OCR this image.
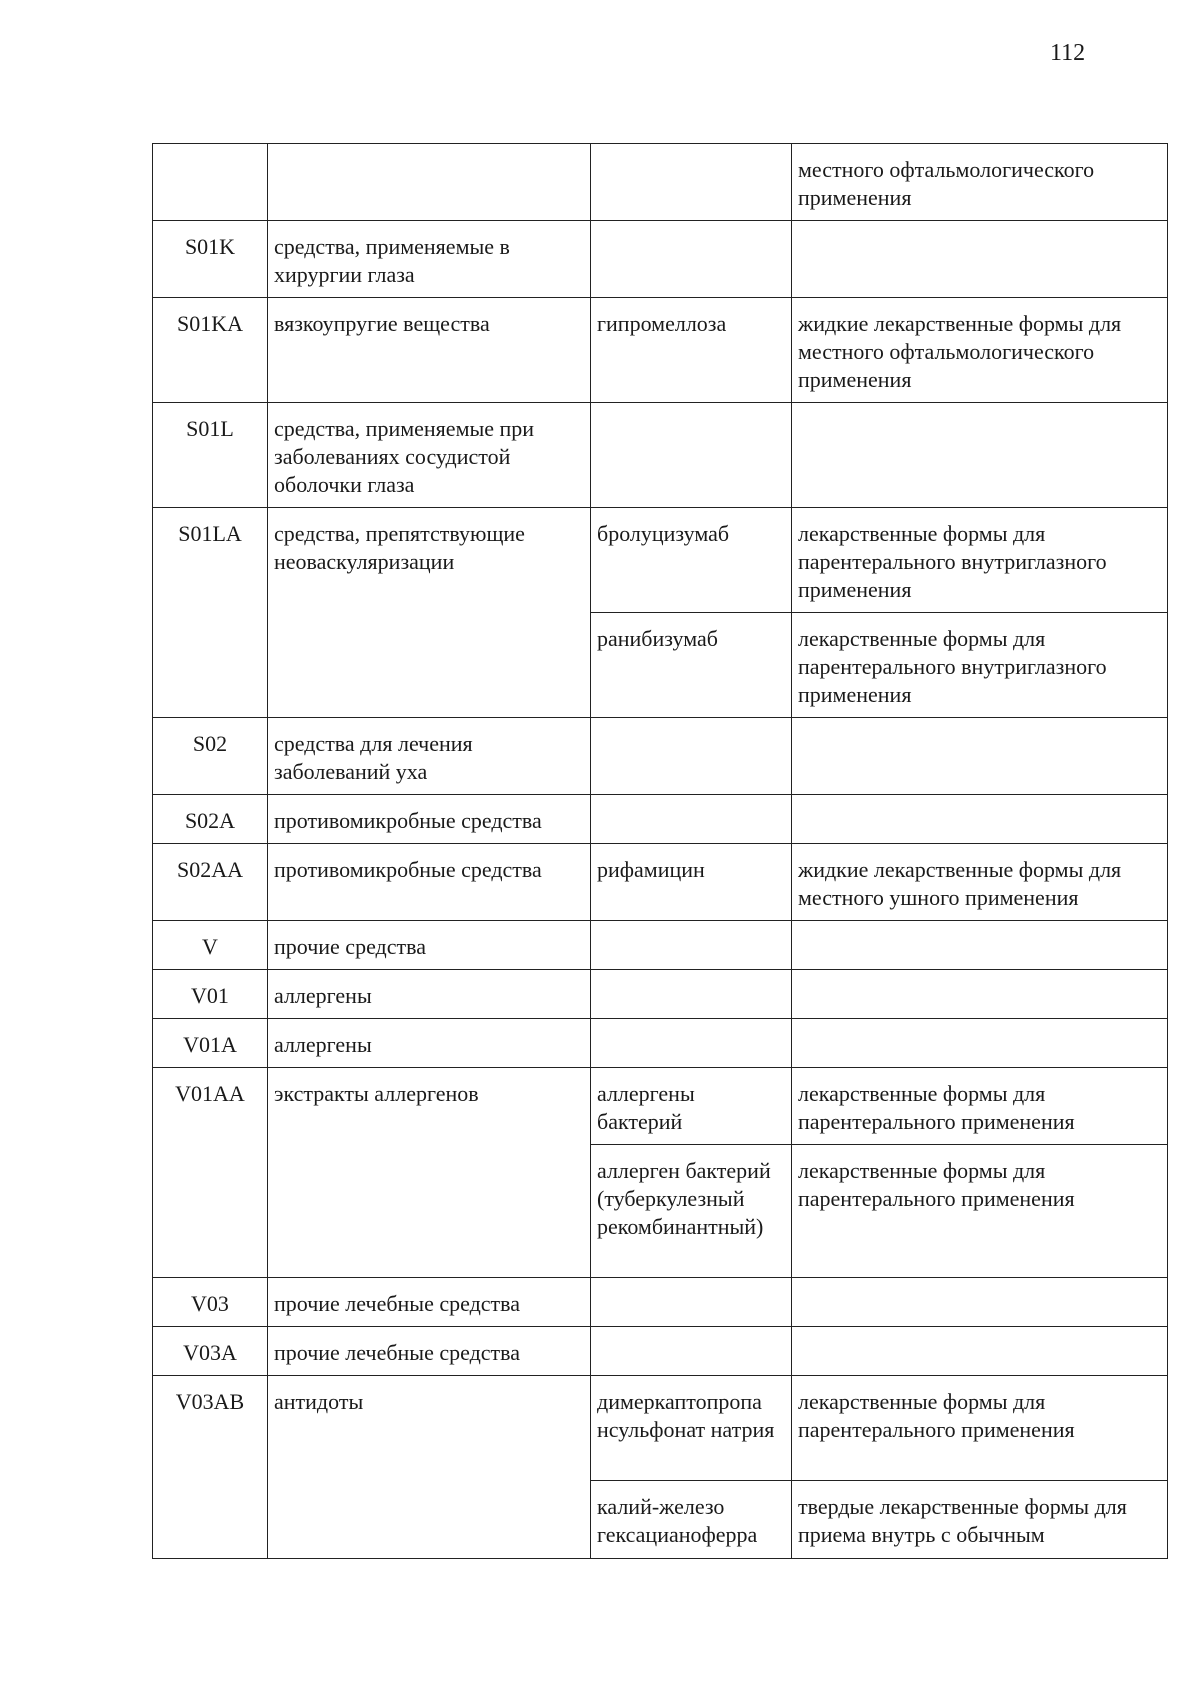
112
			местного офтальмологического применения
S01K	средства, применяемые в хирургии глаза		
S01KA	вязкоупругие вещества	гипромеллоза	жидкие лекарственные формы для местного офтальмологического применения
S01L	средства, применяемые при заболеваниях сосудистой оболочки глаза		
S01LA	средства, препятствующие неоваскуляризации	бролуцизумаб	лекарственные формы для парентерального внутриглазного применения
		ранибизумаб	лекарственные формы для парентерального внутриглазного применения
S02	средства для лечения заболеваний уха		
S02A	противомикробные средства		
S02AA	противомикробные средства	рифамицин	жидкие лекарственные формы для местного ушного применения
V	прочие средства		
V01	аллергены		
V01A	аллергены		
V01AA	экстракты аллергенов	аллергены бактерий	лекарственные формы для парентерального применения
		аллерген бактерий (туберкулезный рекомбинантный)	лекарственные формы для парентерального применения
V03	прочие лечебные средства		
V03A	прочие лечебные средства		
V03AB	антидоты	димеркаптопропа нсульфонат натрия	лекарственные формы для парентерального применения
		калий-железо гексацианоферра	твердые лекарственные формы для приема внутрь с обычным
